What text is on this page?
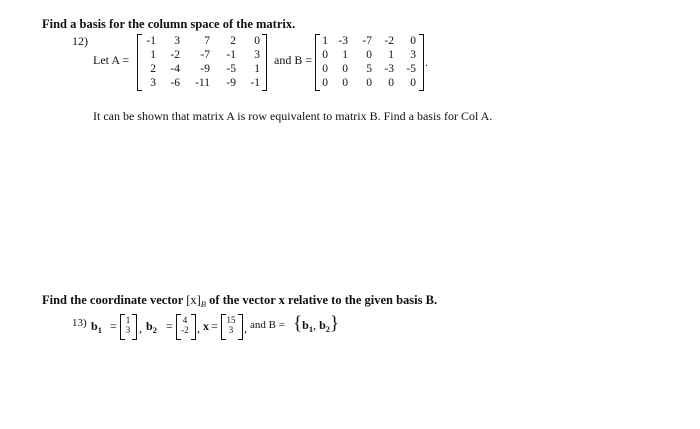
Find a basis for the column space of the matrix.
12)
Let A =
-1	3	7	2	0
1	-2	-7	-1	3
2	-4	-9	-5	1
3	-6	-11	-9	-1
and B =
1 -3	-7	-2	0
0	1	0	1	3
0	0	5	-3	-5
0	0	0	0	0
.
It can be shown that matrix A is row equivalent to matrix B. Find a basis for Col A.
Find the coordinate vector $[x]_B$ of the vector x relative to the given basis B.
13) $b_1 = 1$
3 , $b_2$ =	4
-2 , x = 15
3 , and $B = \{b_1$, $b_2$}
